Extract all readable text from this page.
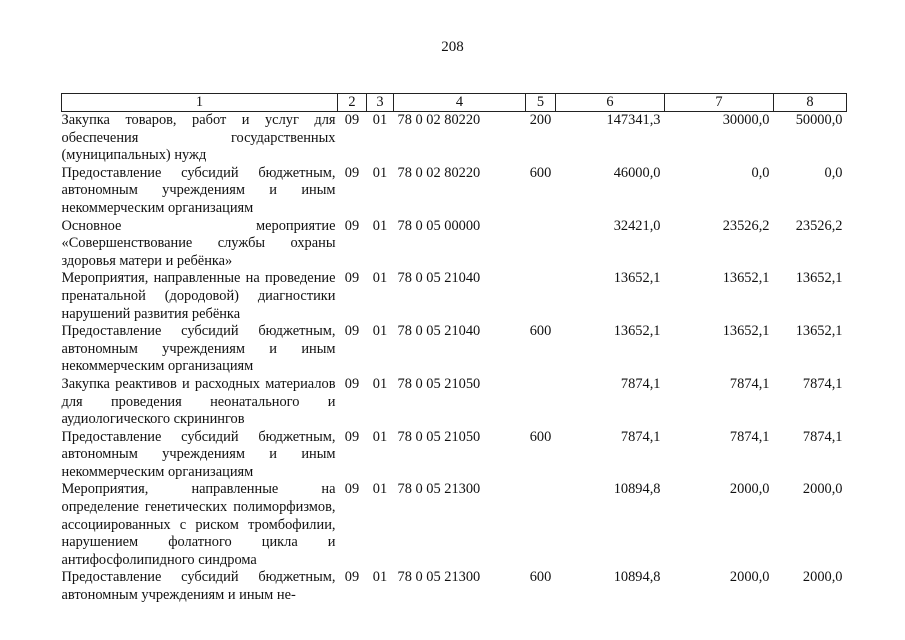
208
1	2	3	4	5	6	7	8
Закупка товаров, работ и услуг для обеспечения государственных (муниципальных) нужд	09	01	78 0 02 80220	200	147341,3	30000,0	50000,0
Предоставление субсидий бюджетным, автономным учреждениям и иным некоммерческим организациям	09	01	78 0 02 80220	600	46000,0	0,0	0,0
Основное мероприятие «Совершенствование службы охраны здоровья матери и ребёнка»	09	01	78 0 05 00000		32421,0	23526,2	23526,2
Мероприятия, направленные на проведение пренатальной (дородовой) диагностики нарушений развития ребёнка	09	01	78 0 05 21040		13652,1	13652,1	13652,1
Предоставление субсидий бюджетным, автономным учреждениям и иным некоммерческим организациям	09	01	78 0 05 21040	600	13652,1	13652,1	13652,1
Закупка реактивов и расходных материалов для проведения неонатального и аудиологического скринингов	09	01	78 0 05 21050		7874,1	7874,1	7874,1
Предоставление субсидий бюджетным, автономным учреждениям и иным некоммерческим организациям	09	01	78 0 05 21050	600	7874,1	7874,1	7874,1
Мероприятия, направленные на определение генетических полиморфизмов, ассоциированных с риском тромбофилии, нарушением фолатного цикла и антифосфолипидного синдрома	09	01	78 0 05 21300		10894,8	2000,0	2000,0
Предоставление субсидий бюджетным, автономным учреждениям и иным не-	09	01	78 0 05 21300	600	10894,8	2000,0	2000,0
